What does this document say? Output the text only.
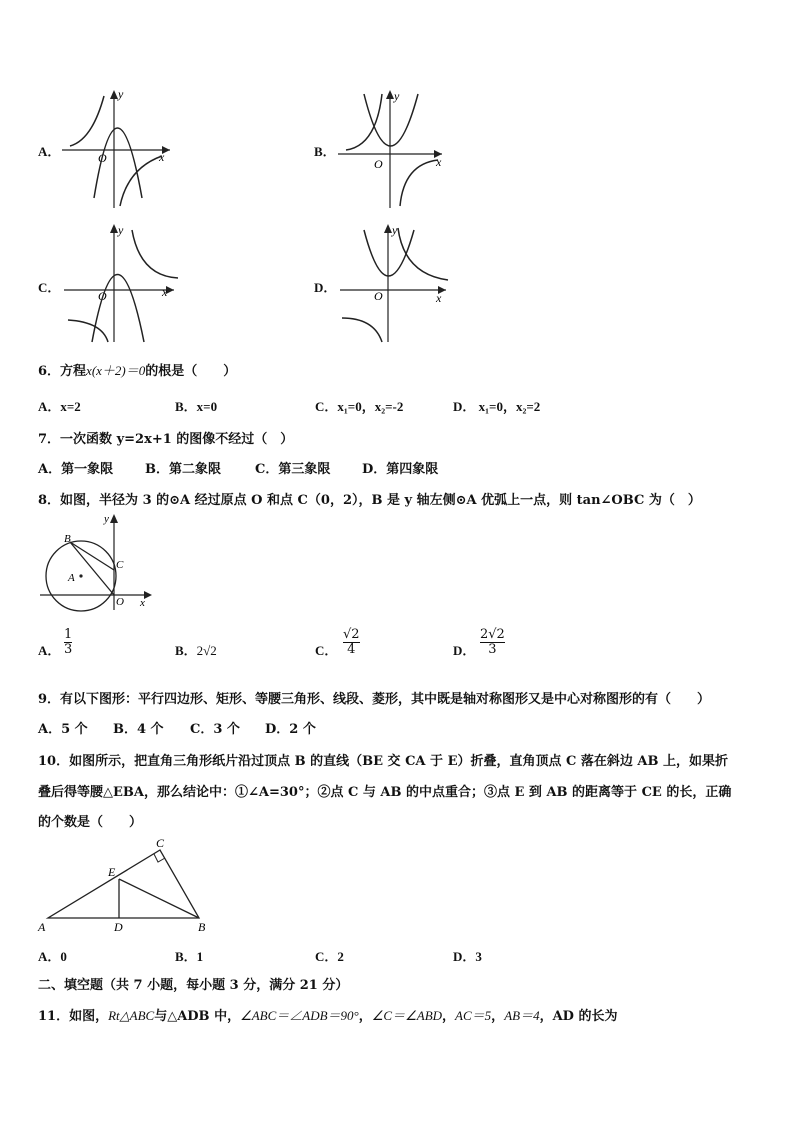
A．
y
x
O	B．
y
x
O
C．
y
x
O
D．
y
x
O
6．方程x(x＋2)＝0的根是（　　）
A．x=2	B．x=0	C．x₁=0，x₂=-2	D． x₁=0，x₂=2
7．一次函数 y=2x+1 的图像不经过（　）
A．第一象限 B．第二象限	C．第三象限 D．第四象限
8．如图，半径为 3 的⊙A 经过原点 O 和点 C（0，2），B 是 y 轴左侧⊙A 优弧上一点，则 tan∠OBC 为（　）
y
B
C
A
O x
A． $\frac{1}{3}$	B．2√2	C． $\frac{√2}{4}$	D． $\frac{2√2}{3}$
9．有以下图形：平行四边形、矩形、等腰三角形、线段、菱形，其中既是轴对称图形又是中心对称图形的有（　　）
A．5 个 B．4 个 C．3 个 D．2 个
10．如图所示，把直角三角形纸片沿过顶点 B 的直线（BE 交 CA 于 E）折叠，直角顶点 C 落在斜边 AB 上，如果折
叠后得等腰△EBA，那么结论中：①∠A=30°；②点 C 与 AB 的中点重合；③点 E 到 AB 的距离等于 CE 的长，正确
的个数是（　　）
C
E
A	D	B
A．0	B．1	C．2	D．3
二、填空题（共 7 小题，每小题 3 分，满分 21 分）
11．如图，Rt△ABC与△ADB 中，∠ABC＝∠ADB＝90°，∠C＝∠ABD，AC＝5，AB＝4，AD 的长为
